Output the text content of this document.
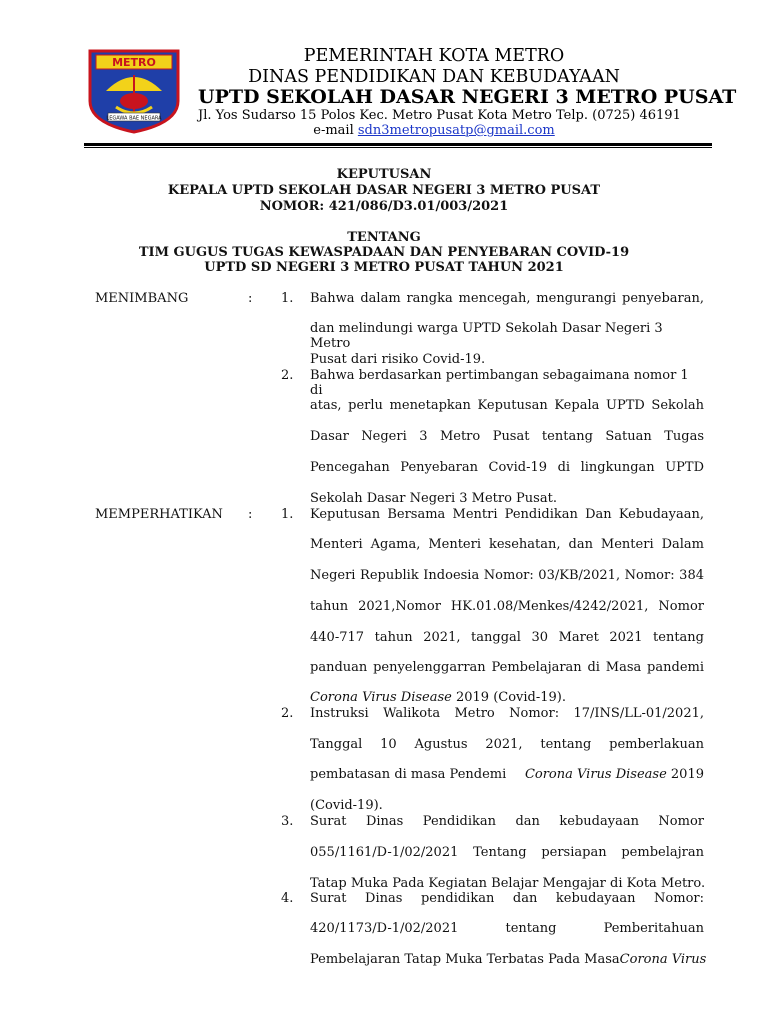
METRO
LEGAWA BAE NEGARA
PEMERINTAH KOTA METRO
DINAS PENDIDIKAN DAN KEBUDAYAAN
UPTD SEKOLAH DASAR NEGERI 3 METRO PUSAT
Jl. Yos Sudarso 15 Polos Kec. Metro Pusat Kota Metro Telp. (0725) 46191
e-mail sdn3metropusatp@gmail.com
KEPUTUSAN
KEPALA UPTD SEKOLAH DASAR NEGERI 3 METRO PUSAT
NOMOR: 421/086/D3.01/003/2021
TENTANG
TIM GUGUS TUGAS KEWASPADAAN DAN PENYEBARAN COVID-19
UPTD SD NEGERI 3 METRO PUSAT TAHUN 2021
MENIMBANG	: 1. Bahwa dalam rangka mencegah, mengurangi penyebaran,
dan melindungi warga UPTD Sekolah Dasar Negeri 3 Metro
Pusat dari risiko Covid-19.
2. Bahwa berdasarkan pertimbangan sebagaimana nomor 1 di
atas, perlu menetapkan Keputusan Kepala UPTD Sekolah
Dasar Negeri 3 Metro Pusat tentang Satuan Tugas
Pencegahan Penyebaran Covid-19 di lingkungan UPTD
Sekolah Dasar Negeri 3 Metro Pusat.
MEMPERHATIKAN : 1. Keputusan Bersama Mentri Pendidikan Dan Kebudayaan,
Menteri Agama, Menteri kesehatan, dan Menteri Dalam
Negeri Republik Indoesia Nomor: 03/KB/2021, Nomor: 384
tahun 2021,Nomor HK.01.08/Menkes/4242/2021, Nomor
440-717 tahun 2021, tanggal 30 Maret 2021 tentang
panduan penyelenggarran Pembelajaran di Masa pandemi
Corona Virus Disease 2019 (Covid-19).
2. Instruksi Walikota Metro Nomor: 17/INS/LL-01/2021,
Tanggal 10 Agustus 2021, tentang pemberlakuan
pembatasan di masa Pendemi Corona Virus Disease 2019
(Covid-19).
3. Surat Dinas Pendidikan dan kebudayaan Nomor
055/1161/D-1/02/2021 Tentang persiapan pembelajran
Tatap Muka Pada Kegiatan Belajar Mengajar di Kota Metro.
4. Surat Dinas pendidikan dan kebudayaan Nomor:
420/1173/D-1/02/2021 tentang Pemberitahuan
Pembelajaran Tatap Muka Terbatas Pada Masa Corona Virus
